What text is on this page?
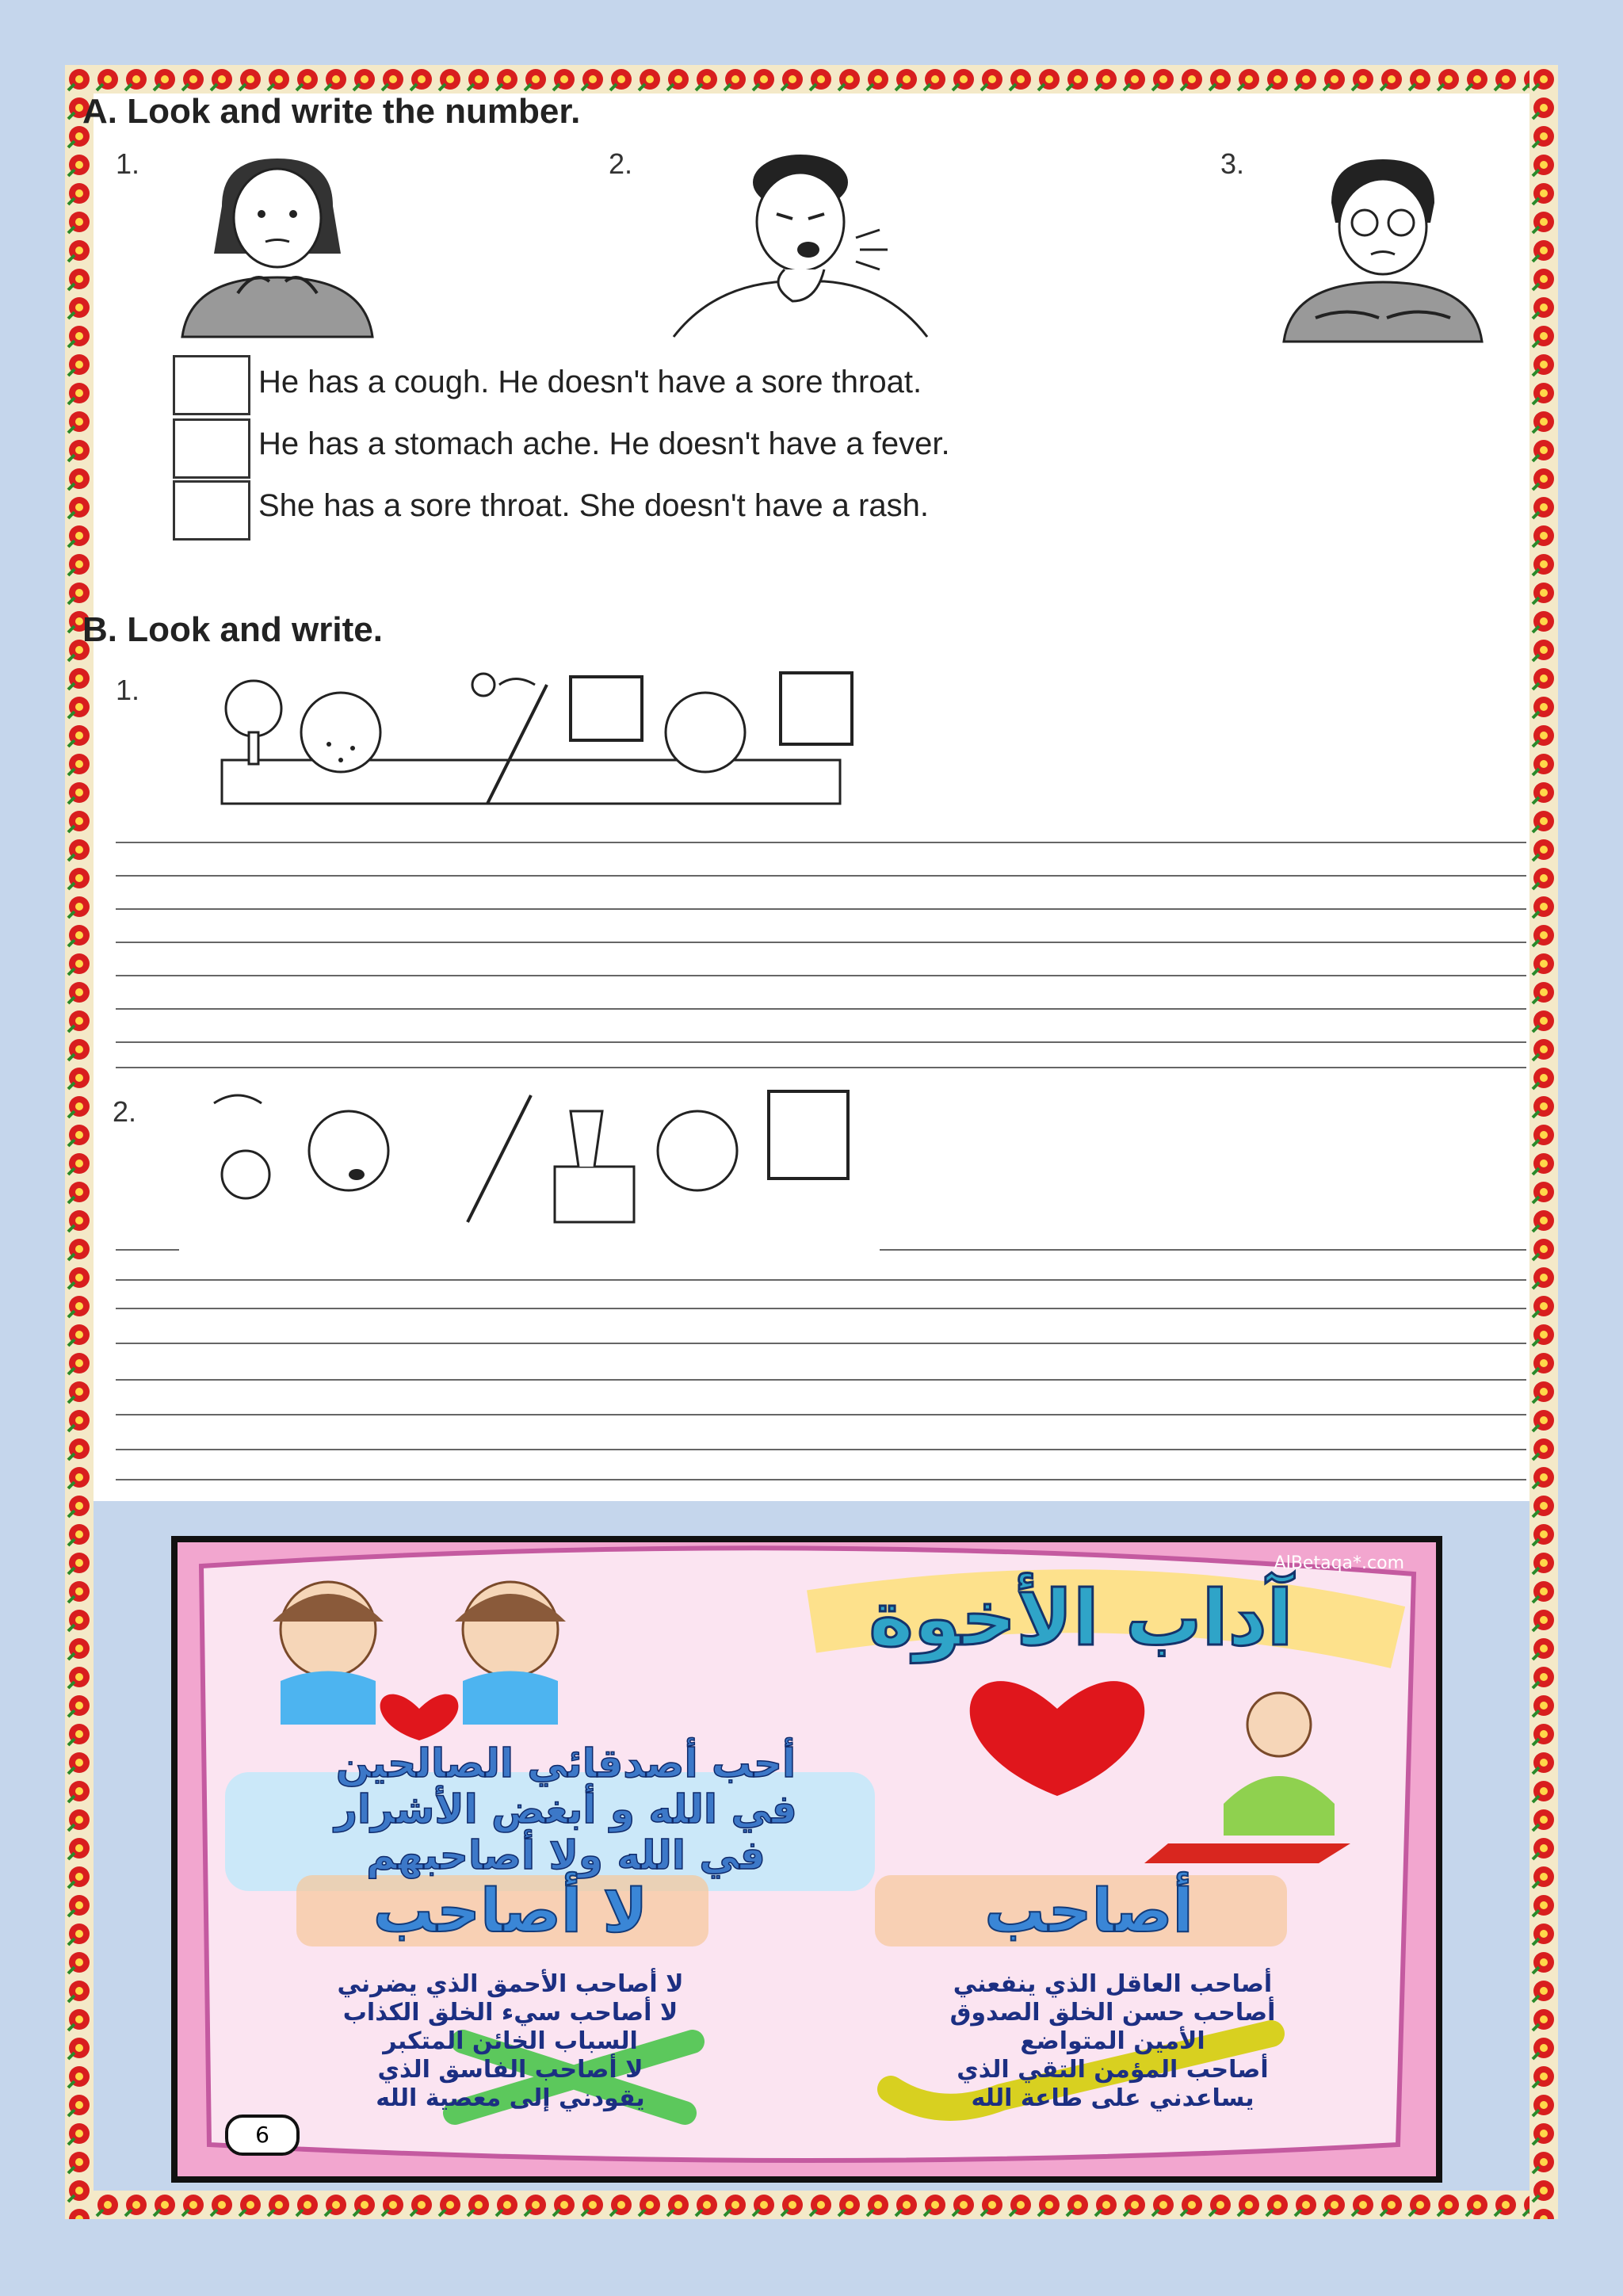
A. Look and write the number.
1.	2.	3.
He has a cough. He doesn't have a sore throat.
He has a stomach ache. He doesn't have a fever.
She has a sore throat. She doesn't have a rash.
B. Look and write.
1.
2.
AlBetaqa*.com
آداب الأخوة
أحب أصدقائي الصالحين
في الله و أبغض الأشرار
في الله ولا أصاحبهم
أصاحب
لا أصاحب
أصاحب العاقل الذي ينفعني
أصاحب حسن الخلق الصدوق
الأمين المتواضع
أصاحب المؤمن التقي الذي
يساعدني على طاعة الله
لا أصاحب الأحمق الذي يضرني
لا أصاحب سيء الخلق الكذاب
السباب الخائن المتكبر
لا أصاحب الفاسق الذي
يقودني إلى معصية الله
6
